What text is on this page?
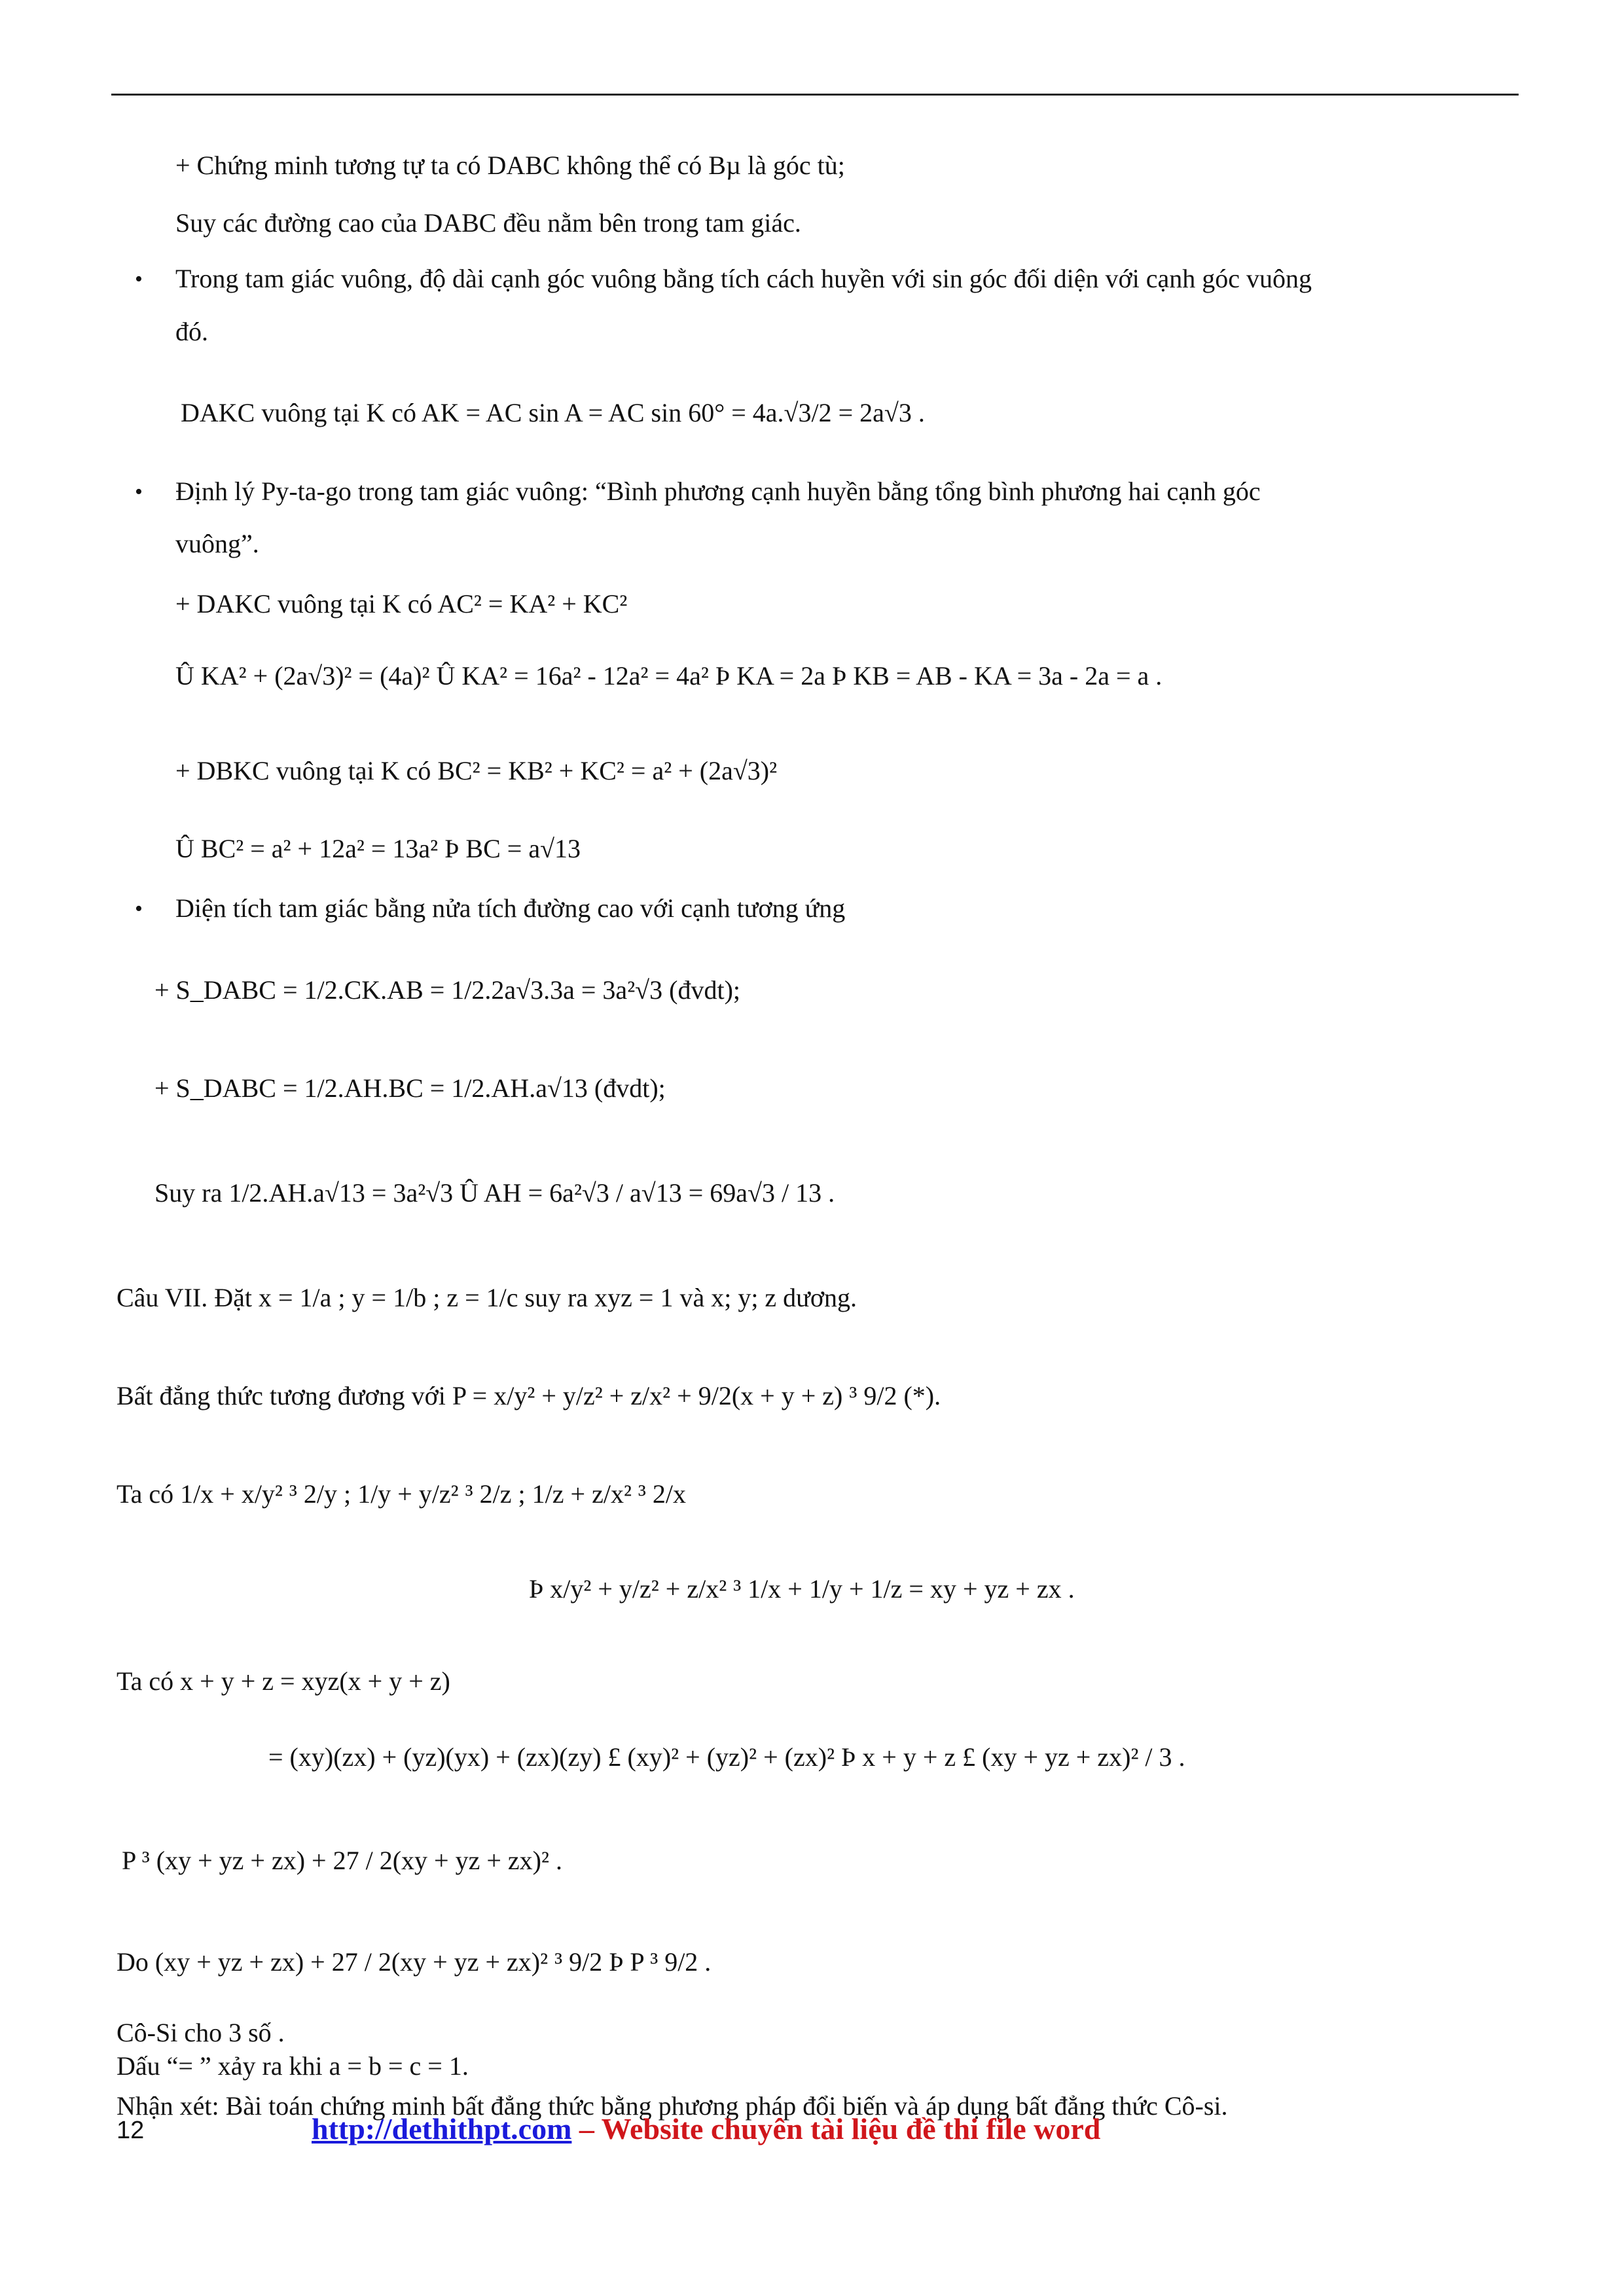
+ Chứng minh tương tự ta có DABC không thể có Bµ là góc tù;
Suy các đường cao của DABC đều nằm bên trong tam giác.
• Trong tam giác vuông, độ dài cạnh góc vuông bằng tích cách huyền với sin góc đối diện với cạnh góc vuông
đó.
DAKC vuông tại K có AK = AC sin A = AC sin 60° = 4a.√3/2 = 2a√3 .
• Định lý Py-ta-go trong tam giác vuông: “Bình phương cạnh huyền bằng tổng bình phương hai cạnh góc
vuông”.
+ DAKC vuông tại K có AC² = KA² + KC²
Û KA² + (2a√3)² = (4a)² Û KA² = 16a² - 12a² = 4a² Þ KA = 2a Þ KB = AB - KA = 3a - 2a = a .
+ DBKC vuông tại K có BC² = KB² + KC² = a² + (2a√3)²
Û BC² = a² + 12a² = 13a² Þ BC = a√13
• Diện tích tam giác bằng nửa tích đường cao với cạnh tương ứng
+ S_DABC = 1/2.CK.AB = 1/2.2a√3.3a = 3a²√3 (đvdt);
+ S_DABC = 1/2.AH.BC = 1/2.AH.a√13 (đvdt);
Suy ra 1/2.AH.a√13 = 3a²√3 Û AH = 6a²√3 / a√13 = 69a√3 / 13 .
Câu VII. Đặt x = 1/a ; y = 1/b ; z = 1/c suy ra xyz = 1 và x; y; z dương.
Bất đẳng thức tương đương với P = x/y² + y/z² + z/x² + 9/2(x + y + z) ³ 9/2 (*).
Ta có 1/x + x/y² ³ 2/y ; 1/y + y/z² ³ 2/z ; 1/z + z/x² ³ 2/x
Þ x/y² + y/z² + z/x² ³ 1/x + 1/y + 1/z = xy + yz + zx .
Ta có x + y + z = xyz(x + y + z)
= (xy)(zx) + (yz)(yx) + (zx)(zy) £ (xy)² + (yz)² + (zx)² Þ x + y + z £ (xy + yz + zx)² / 3 .
P ³ (xy + yz + zx) + 27 / 2(xy + yz + zx)² .
Do (xy + yz + zx) + 27 / 2(xy + yz + zx)² ³ 9/2 Þ P ³ 9/2 .
Cô-Si cho 3 số .
Dấu “= ” xảy ra khi a = b = c = 1.
Nhận xét: Bài toán chứng minh bất đẳng thức bằng phương pháp đổi biến và áp dụng bất đẳng thức Cô-si.
12	http://dethithpt.com – Website chuyên tài liệu đề thi file word
